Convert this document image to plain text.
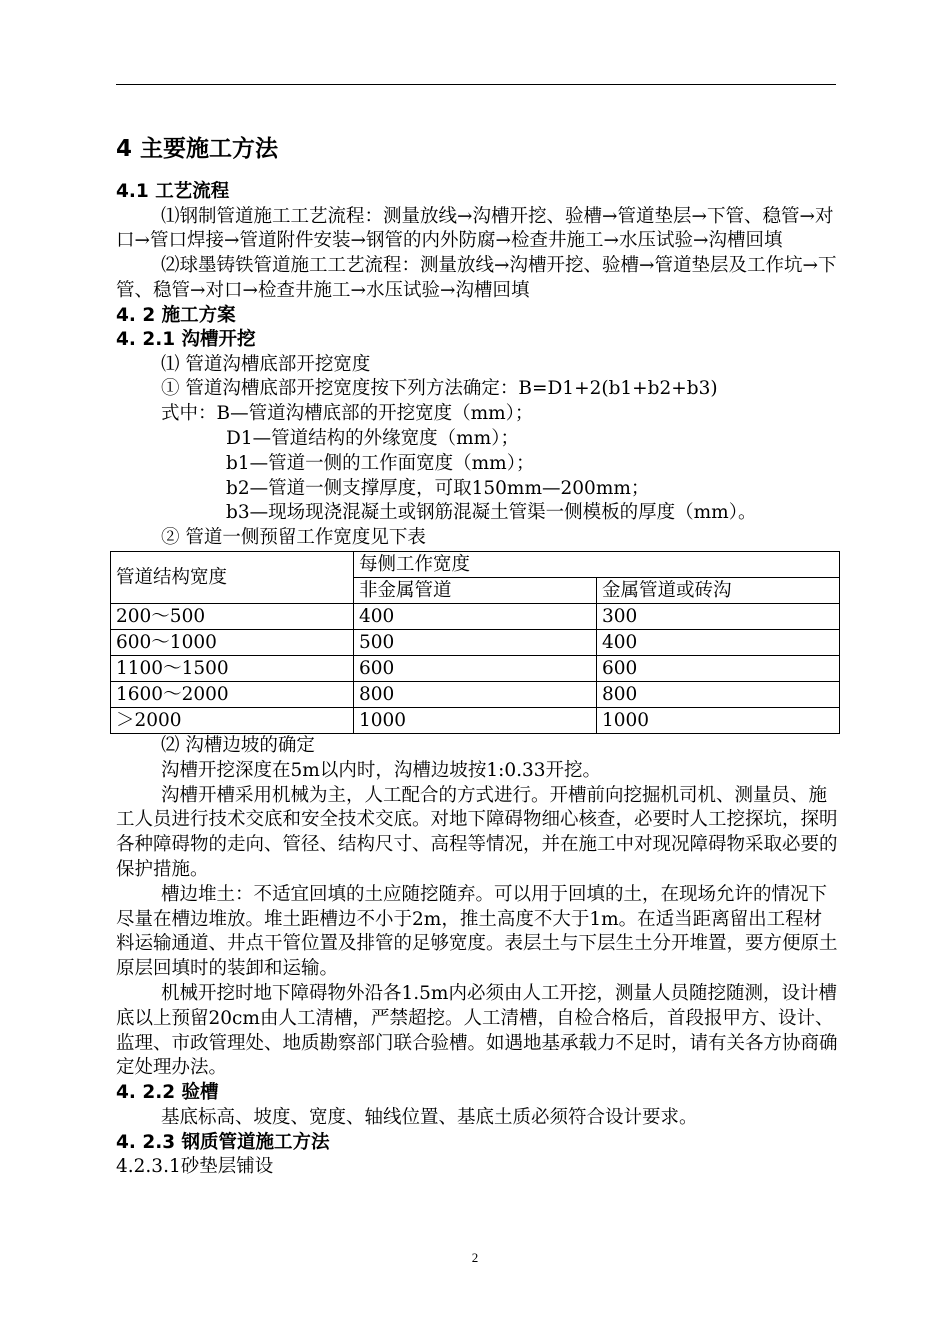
4 主要施工方法
4.1 工艺流程

⑴钢制管道施工工艺流程：测量放线→沟槽开挖、验槽→管道垫层→下管、稳管→对口→管口焊接→管道附件安装→钢管的内外防腐→检查井施工→水压试验→沟槽回填

⑵球墨铸铁管道施工工艺流程：测量放线→沟槽开挖、验槽→管道垫层及工作坑→下管、稳管→对口→检查井施工→水压试验→沟槽回填

4. 2 施工方案
4. 2.1 沟槽开挖

⑴ 管道沟槽底部开挖宽度

① 管道沟槽底部开挖宽度按下列方法确定：B=D1+2(b1+b2+b3)

式中：B—管道沟槽底部的开挖宽度（mm）；

D1—管道结构的外缘宽度（mm）；

b1—管道一侧的工作面宽度（mm）；

b2—管道一侧支撑厚度，可取150mm—200mm；

b3—现场现浇混凝土或钢筋混凝土管渠一侧模板的厚度（mm）。

② 管道一侧预留工作宽度见下表

管道结构宽度	每侧工作宽度	
	非金属管道	金属管道或砖沟
200～500	400	300
600～1000	500	400
1100～1500	600	600
1600～2000	800	800
＞2000	1000	1000

⑵ 沟槽边坡的确定

沟槽开挖深度在5m以内时，沟槽边坡按1:0.33开挖。

沟槽开槽采用机械为主，人工配合的方式进行。开槽前向挖掘机司机、测量员、施工人员进行技术交底和安全技术交底。对地下障碍物细心核查，必要时人工挖探坑，探明各种障碍物的走向、管径、结构尺寸、高程等情况，并在施工中对现况障碍物采取必要的保护措施。

槽边堆土：不适宜回填的土应随挖随弃。可以用于回填的土，在现场允许的情况下尽量在槽边堆放。堆土距槽边不小于2m，推土高度不大于1m。在适当距离留出工程材料运输通道、井点干管位置及排管的足够宽度。表层土与下层生土分开堆置，要方便原土原层回填时的装卸和运输。

机械开挖时地下障碍物外沿各1.5m内必须由人工开挖，测量人员随挖随测，设计槽底以上预留20cm由人工清槽，严禁超挖。人工清槽，自检合格后，首段报甲方、设计、监理、市政管理处、地质勘察部门联合验槽。如遇地基承载力不足时，请有关各方协商确定处理办法。

4. 2.2 验槽

基底标高、坡度、宽度、轴线位置、基底土质必须符合设计要求。

4. 2.3 钢质管道施工方法

4.2.3.1砂垫层铺设

2
